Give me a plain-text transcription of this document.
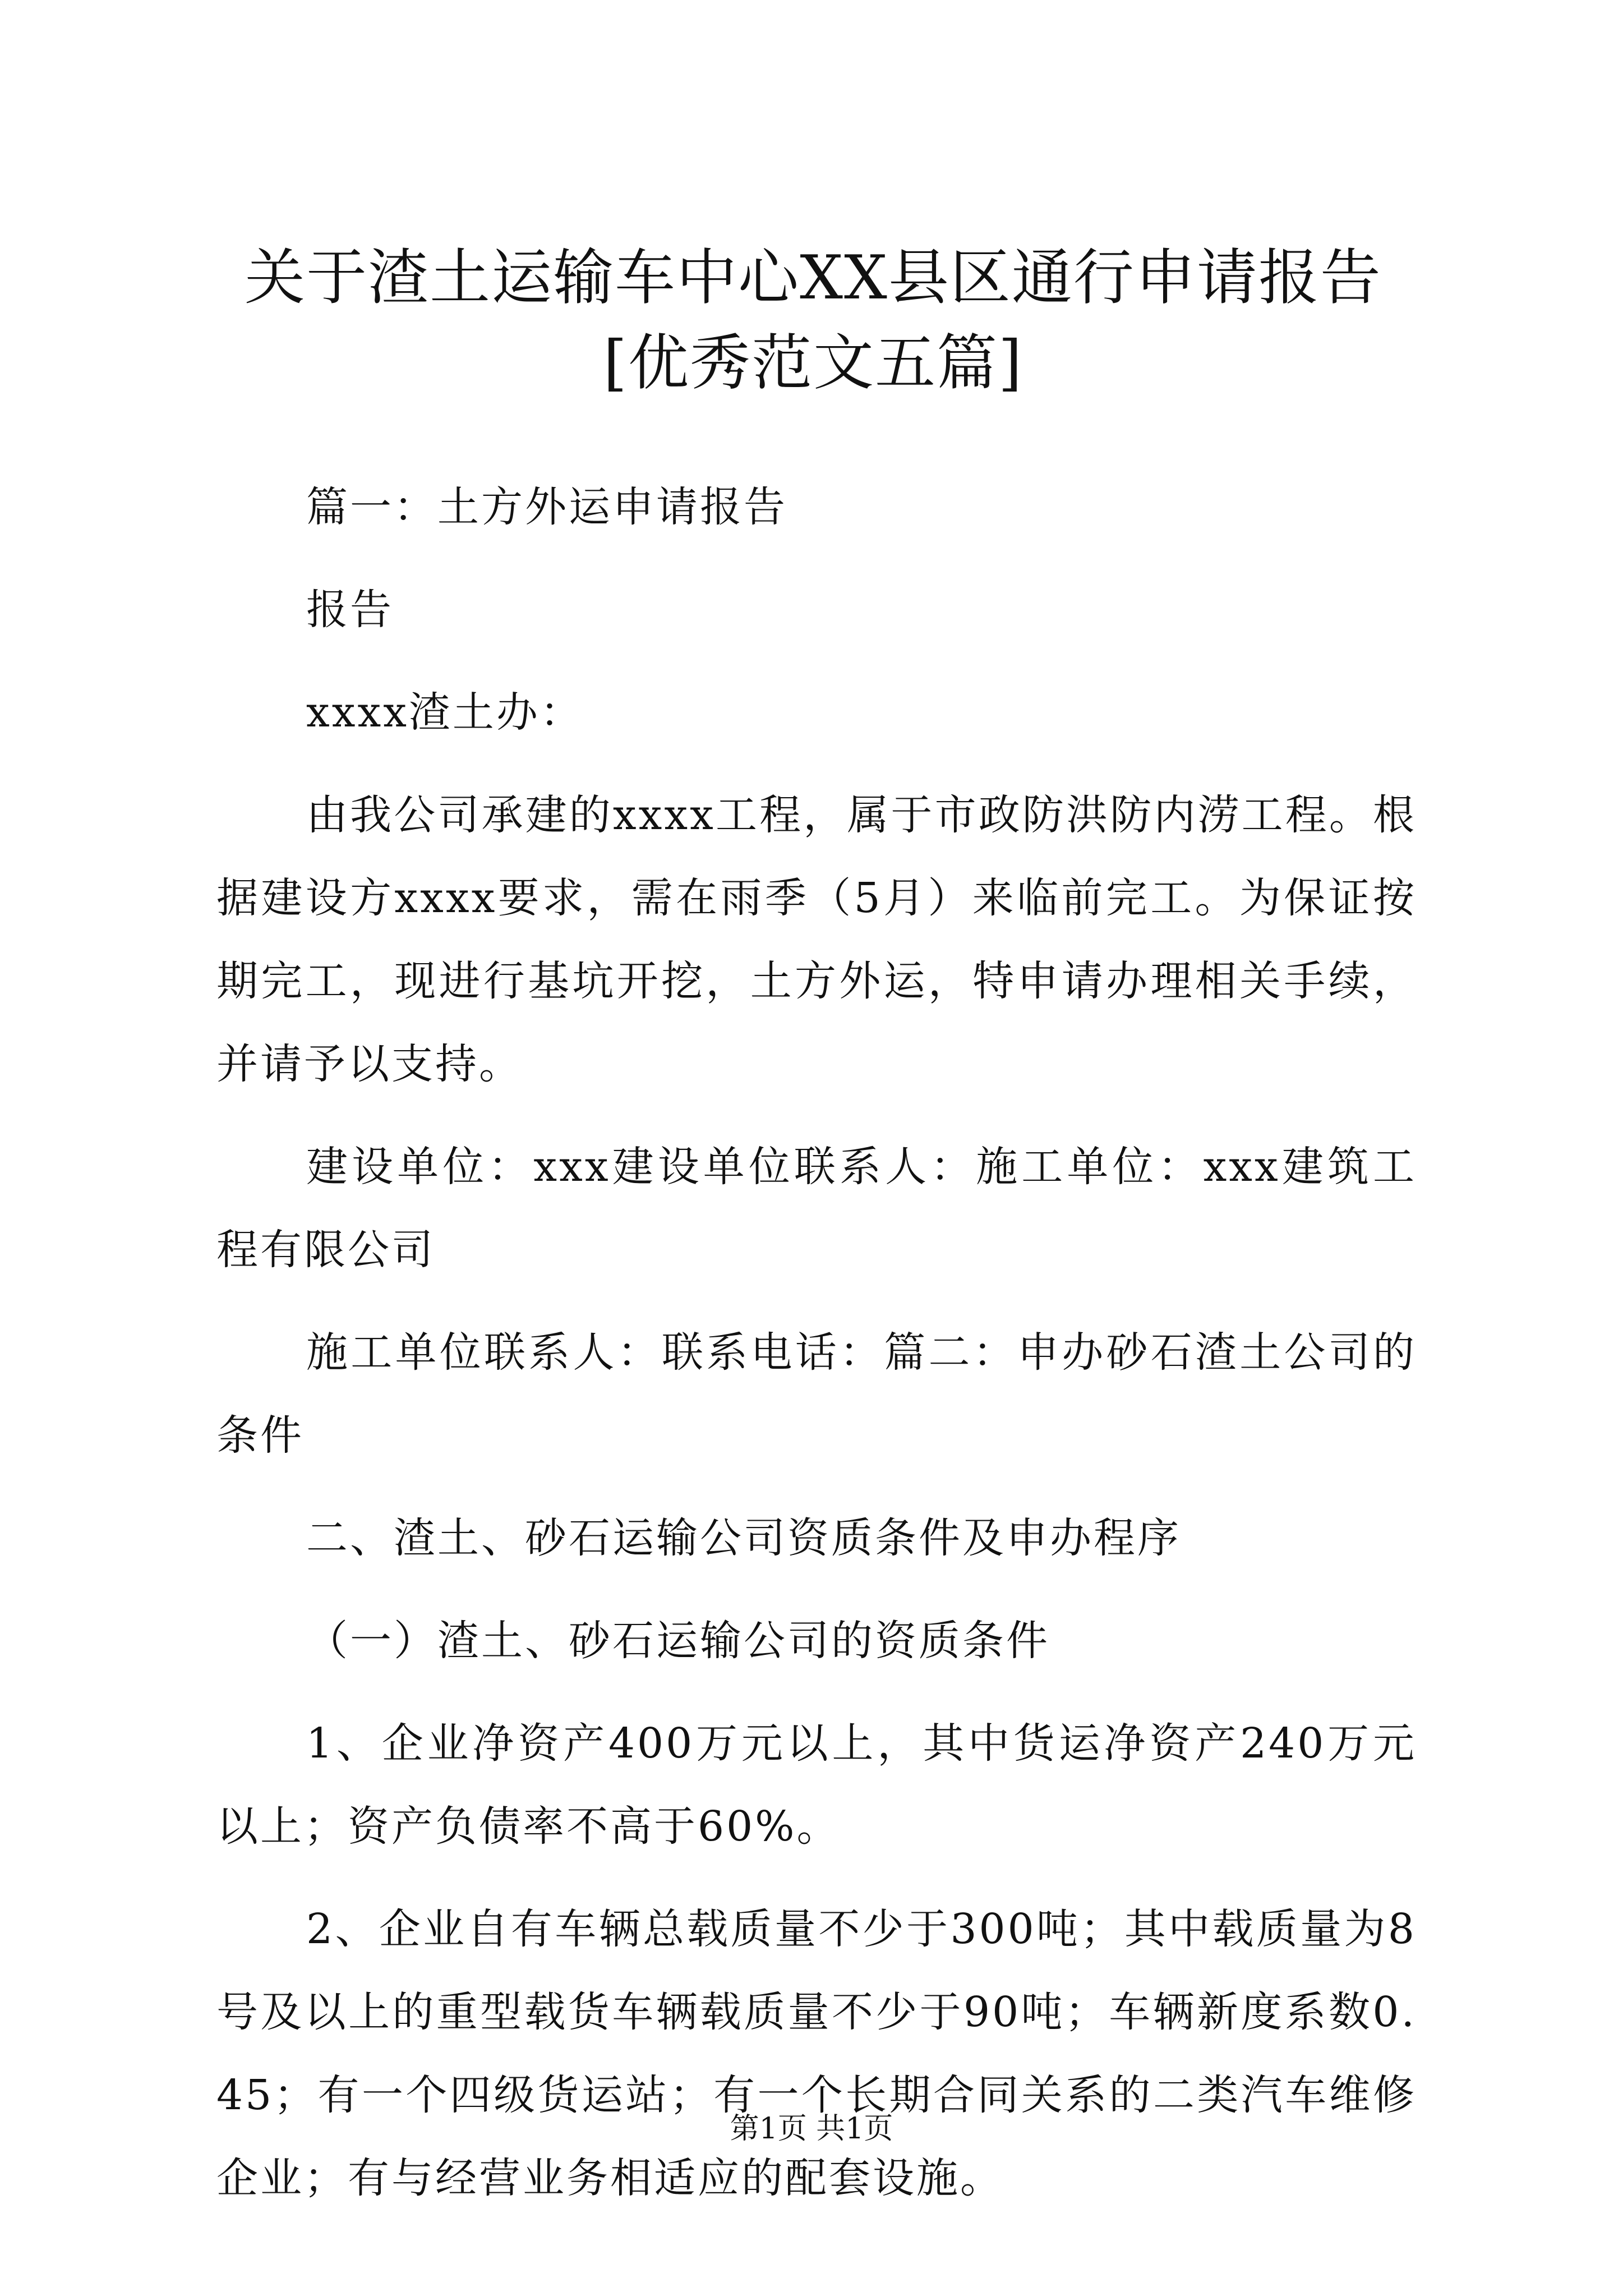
关于渣土运输车中心XX县区通行申请报告[优秀范文五篇]

篇一：土方外运申请报告

报告

xxxx渣土办：

由我公司承建的xxxx工程，属于市政防洪防内涝工程。根据建设方xxxx要求，需在雨季（5月）来临前完工。为保证按期完工，现进行基坑开挖，土方外运，特申请办理相关手续，并请予以支持。

建设单位：xxx建设单位联系人：施工单位：xxx建筑工程有限公司

施工单位联系人：联系电话：篇二：申办砂石渣土公司的条件

二、渣土、砂石运输公司资质条件及申办程序

（一）渣土、砂石运输公司的资质条件

1、企业净资产400万元以上，其中货运净资产240万元以上；资产负债率不高于60%。

2、企业自有车辆总载质量不少于300吨；其中载质量为8号及以上的重型载货车辆载质量不少于90吨；车辆新度系数0.45；有一个四级货运站；有一个长期合同关系的二类汽车维修企业；有与经营业务相适应的配套设施。

第1页 共1页
